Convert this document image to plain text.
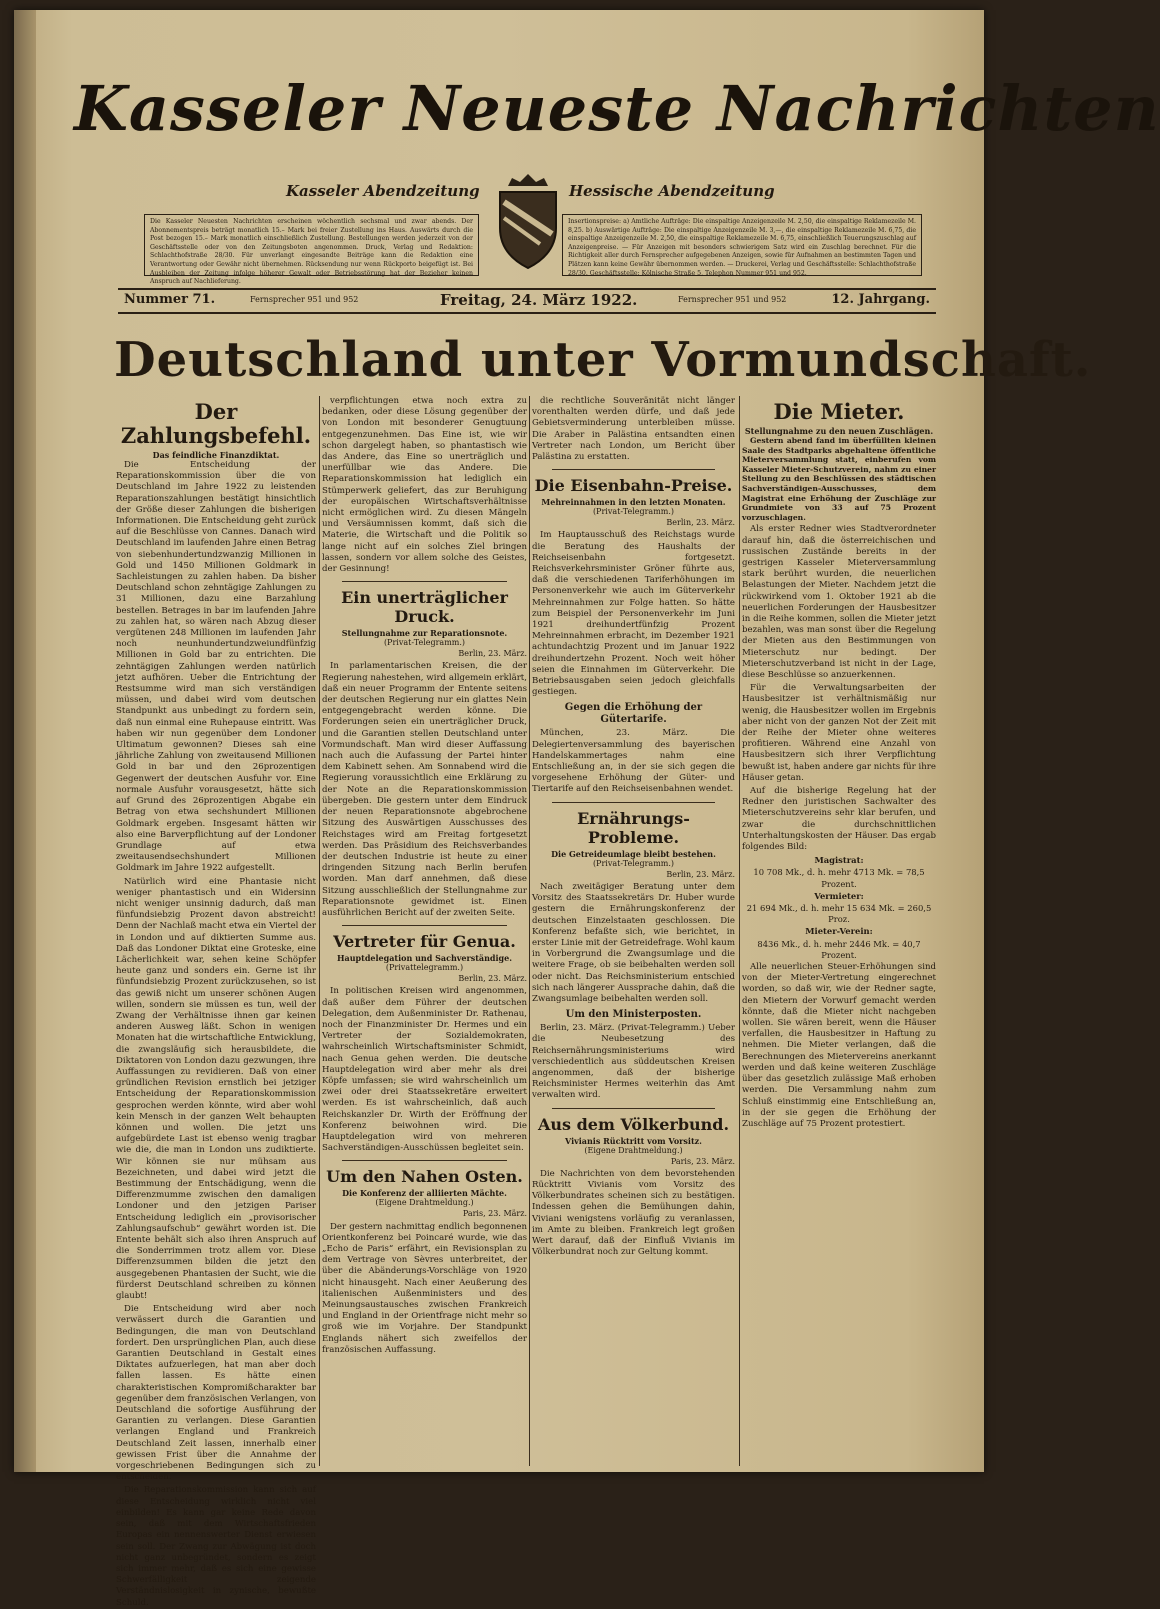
Kasseler Neueste Nachrichten
Kasseler Abendzeitung	Hessische Abendzeitung
Die Kasseler Neuesten Nachrichten erscheinen wöchentlich sechsmal und zwar abends. Der Abonnementspreis beträgt monatlich 15.– Mark bei freier Zustellung ins Haus. Auswärts durch die Post bezogen 15.– Mark monatlich einschließlich Zustellung. Bestellungen werden jederzeit von der Geschäftsstelle oder von den Zeitungsboten angenommen. Druck, Verlag und Redaktion: Schlachthofstraße 28/30. Für unverlangt eingesandte Beiträge kann die Redaktion eine Verantwortung oder Gewähr nicht übernehmen. Rücksendung nur wenn Rückporto beigefügt ist. Bei Ausbleiben der Zeitung infolge höherer Gewalt oder Betriebsstörung hat der Bezieher keinen Anspruch auf Nachlieferung.
Insertionspreise: a) Amtliche Aufträge: Die einspaltige Anzeigenzeile M. 2,50, die einspaltige Reklamezeile M. 8,25. b) Auswärtige Aufträge: Die einspaltige Anzeigenzeile M. 3,—, die einspaltige Reklamezeile M. 6,75, die einspaltige Anzeigenzeile M. 2,50, die einspaltige Reklamezeile M. 6,75, einschließlich Teuerungszuschlag auf Anzeigenpreise. — Für Anzeigen mit besonders schwierigem Satz wird ein Zuschlag berechnet. Für die Richtigkeit aller durch Fernsprecher aufgegebenen Anzeigen, sowie für Aufnahmen an bestimmten Tagen und Plätzen kann keine Gewähr übernommen werden. — Druckerei, Verlag und Geschäftsstelle: Schlachthofstraße 28/30. Geschäftsstelle: Kölnische Straße 5, Telephon Nummer 951 und 952.
Nummer 71.	Fernsprecher 951 und 952	Freitag, 24. März 1922.	Fernsprecher 951 und 952	12. Jahrgang.
Deutschland unter Vormundschaft.
Der Zahlungsbefehl.
Das feindliche Finanzdiktat.

Die Entscheidung der Reparationskommission über die von Deutschland im Jahre 1922 zu leistenden Reparationszahlungen bestätigt hinsichtlich der Größe dieser Zahlungen die bisherigen Informationen. Die Entscheidung geht zurück auf die Beschlüsse von Cannes. Danach wird Deutschland im laufenden Jahre einen Betrag von siebenhundertundzwanzig Millionen in Gold und 1450 Millionen Goldmark in Sachleistungen zu zahlen haben. Da bisher Deutschland schon zehntägige Zahlungen zu 31 Millionen, dazu eine Barzahlung bestellen. Betrages in bar im laufenden Jahre zu zahlen hat, so wären nach Abzug dieser vergütenen 248 Millionen im laufenden Jahr noch neunhundertundzweiundfünfzig Millionen in Gold bar zu entrichten. Die zehntägigen Zahlungen werden natürlich jetzt aufhören. Ueber die Entrichtung der Restsumme wird man sich verständigen müssen, und dabei wird vom deutschen Standpunkt aus unbedingt zu fordern sein, daß nun einmal eine Ruhepause eintritt. Was haben wir nun gegenüber dem Londoner Ultimatum gewonnen? Dieses sah eine jährliche Zahlung von zweitausend Millionen Gold in bar und den 26prozentigen Gegenwert der deutschen Ausfuhr vor. Eine normale Ausfuhr vorausgesetzt, hätte sich auf Grund des 26prozentigen Abgabe ein Betrag von etwa sechshundert Millionen Goldmark ergeben. Insgesamt hätten wir also eine Barverpflichtung auf der Londoner Grundlage auf etwa zweitausendsechshundert Millionen Goldmark im Jahre 1922 aufgestellt.

Natürlich wird eine Phantasie nicht weniger phantastisch und ein Widersinn nicht weniger unsinnig dadurch, daß man fünfundsiebzig Prozent davon abstreicht! Denn der Nachlaß macht etwa ein Viertel der in London und auf diktierten Summe aus. Daß das Londoner Diktat eine Groteske, eine Lächerlichkeit war, sehen keine Schöpfer heute ganz und sonders ein. Gerne ist ihr fünfundsiebzig Prozent zurückzusehen, so ist das gewiß nicht um unserer schönen Augen willen, sondern sie müssen es tun, weil der Zwang der Verhältnisse ihnen gar keinen anderen Ausweg läßt. Schon in wenigen Monaten hat die wirtschaftliche Entwicklung, die zwangsläufig sich herausbildete, die Diktatoren von London dazu gezwungen, ihre Auffassungen zu revidieren. Daß von einer gründlichen Revision ernstlich bei jetziger Entscheidung der Reparationskommission gesprochen werden könnte, wird aber wohl kein Mensch in der ganzen Welt behaupten können und wollen. Die jetzt uns aufgebürdete Last ist ebenso wenig tragbar wie die, die man in London uns zudiktierte. Wir können sie nur mühsam aus Bezeichneten, und dabei wird jetzt die Bestimmung der Entschädigung, wenn die Differenzmumme zwischen den damaligen Londoner und den jetzigen Pariser Entscheidung lediglich ein „provisorischer Zahlungsaufschub“ gewährt worden ist. Die Entente behält sich also ihren Anspruch auf die Sonderrimmen trotz allem vor. Diese Differenzsummen bilden die jetzt den ausgegebenen Phantasien der Sucht, wie die fürderst Deutschland schreiben zu können glaubt!

Die Entscheidung wird aber noch verwässert durch die Garantien und Bedingungen, die man von Deutschland fordert. Den ursprünglichen Plan, auch diese Garantien Deutschland in Gestalt eines Diktates aufzuerlegen, hat man aber doch fallen lassen. Es hätte einen charakteristischen Kompromißcharakter bar gegenüber dem französischen Verlangen, von Deutschland die sofortige Ausführung der Garantien zu verlangen. Diese Garantien verlangen England und Frankreich Deutschland Zeit lassen, innerhalb einer gewissen Frist über die Annahme der vorgeschriebenen Bedingungen sich zu entscheiden.

Die Reparationskommission kann sich auf diese Entscheidung wirklich nicht viel einbilden! Es kann gar keine Rede davon sein, daß mit dem Wirtschaftsfrieden Europas ein nennenswerter Dienst erwiesen sein soll. Der Zwang zur Abwägung ist doch nicht ganz unbegründet, sondern es zeigt sich immer mehr, daß es sich eine gewisse Schwerfälligkeit zeigende Verständnislosigkeit in zynische, bewußte Schuld.

verpflichtungen etwa noch extra zu bedanken, oder diese Lösung gegenüber der von London mit besonderer Genugtuung entgegenzunehmen. Das Eine ist, wie wir schon dargelegt haben, so phantastisch wie das Andere, das Eine so unerträglich und unerfüllbar wie das Andere. Die Reparationskommission hat lediglich ein Stümperwerk geliefert, das zur Beruhigung der europäischen Wirtschaftsverhältnisse nicht ermöglichen wird. Zu diesen Mängeln und Versäumnissen kommt, daß sich die Materie, die Wirtschaft und die Politik so lange nicht auf ein solches Ziel bringen lassen, sondern vor allem solche des Geistes, der Gesinnung!

Ein unerträglicher Druck.
Stellungnahme zur Reparationsnote.
(Privat-Telegramm.)
Berlin, 23. März.

In parlamentarischen Kreisen, die der Regierung nahestehen, wird allgemein erklärt, daß ein neuer Programm der Entente seitens der deutschen Regierung nur ein glattes Nein entgegengebracht werden könne. Die Forderungen seien ein unerträglicher Druck, und die Garantien stellen Deutschland unter Vormundschaft. Man wird dieser Auffassung nach auch die Aufassung der Partei hinter dem Kabinett sehen. Am Sonnabend wird die Regierung voraussichtlich eine Erklärung zu der Note an die Reparationskommission übergeben. Die gestern unter dem Eindruck der neuen Reparationsnote abgebrochene Sitzung des Auswärtigen Ausschusses des Reichstages wird am Freitag fortgesetzt werden. Das Präsidium des Reichsverbandes der deutschen Industrie ist heute zu einer dringenden Sitzung nach Berlin berufen worden. Man darf annehmen, daß diese Sitzung ausschließlich der Stellungnahme zur Reparationsnote gewidmet ist. Einen ausführlichen Bericht auf der zweiten Seite.

Vertreter für Genua.
Hauptdelegation und Sachverständige.
(Privattelegramm.)
Berlin, 23. März.

In politischen Kreisen wird angenommen, daß außer dem Führer der deutschen Delegation, dem Außenminister Dr. Rathenau, noch der Finanzminister Dr. Hermes und ein Vertreter der Sozialdemokraten, wahrscheinlich Wirtschaftsminister Schmidt, nach Genua gehen werden. Die deutsche Hauptdelegation wird aber mehr als drei Köpfe umfassen; sie wird wahrscheinlich um zwei oder drei Staatssekretäre erweitert werden. Es ist wahrscheinlich, daß auch Reichskanzler Dr. Wirth der Eröffnung der Konferenz beiwohnen wird. Die Hauptdelegation wird von mehreren Sachverständigen-Ausschüssen begleitet sein.

Um den Nahen Osten.
Die Konferenz der alliierten Mächte.
(Eigene Drahtmeldung.)
Paris, 23. März.

Der gestern nachmittag endlich begonnenen Orientkonferenz bei Poincaré wurde, wie das „Echo de Paris“ erfährt, ein Revisionsplan zu dem Vertrage von Sèvres unterbreitet, der über die Abänderungs-Vorschläge von 1920 nicht hinausgeht. Nach einer Aeußerung des italienischen Außenministers und des Meinungsaustausches zwischen Frankreich und England in der Orientfrage nicht mehr so groß wie im Vorjahre. Der Standpunkt Englands nähert sich zweifellos der französischen Auffassung.

die rechtliche Souveränität nicht länger vorenthalten werden dürfe, und daß jede Gebietsverminderung unterbleiben müsse. Die Araber in Palästina entsandten einen Vertreter nach London, um Bericht über Palästina zu erstatten.

Die Eisenbahn-Preise.
Mehreinnahmen in den letzten Monaten.
(Privat-Telegramm.)
Berlin, 23. März.

Im Hauptausschuß des Reichstags wurde die Beratung des Haushalts der Reichseisenbahn fortgesetzt. Reichsverkehrsminister Gröner führte aus, daß die verschiedenen Tariferhöhungen im Personenverkehr wie auch im Güterverkehr Mehreinnahmen zur Folge hatten. So hätte zum Beispiel der Personenverkehr im Juni 1921 dreihundertfünfzig Prozent Mehreinnahmen erbracht, im Dezember 1921 achtundachtzig Prozent und im Januar 1922 dreihundertzehn Prozent. Noch weit höher seien die Einnahmen im Güterverkehr. Die Betriebsausgaben seien jedoch gleichfalls gestiegen.

Gegen die Erhöhung der Gütertarife.

München, 23. März. Die Delegiertenversammlung des bayerischen Handelskammertages nahm eine Entschließung an, in der sie sich gegen die vorgesehene Erhöhung der Güter- und Tiertarife auf den Reichseisenbahnen wendet.

Ernährungs-Probleme.
Die Getreideumlage bleibt bestehen.
(Privat-Telegramm.)
Berlin, 23. März.

Nach zweitägiger Beratung unter dem Vorsitz des Staatssekretärs Dr. Huber wurde gestern die Ernährungskonferenz der deutschen Einzelstaaten geschlossen. Die Konferenz befaßte sich, wie berichtet, in erster Linie mit der Getreidefrage. Wohl kaum in Vorbergrund die Zwangsumlage und die weitere Frage, ob sie beibehalten werden soll oder nicht. Das Reichsministerium entschied sich nach längerer Aussprache dahin, daß die Zwangsumlage beibehalten werden soll.

Um den Ministerposten.

Berlin, 23. März. (Privat-Telegramm.) Ueber die Neubesetzung des Reichsernährungsministeriums wird verschiedentlich aus süddeutschen Kreisen angenommen, daß der bisherige Reichsminister Hermes weiterhin das Amt verwalten wird.

Aus dem Völkerbund.
Vivianis Rücktritt vom Vorsitz.
(Eigene Drahtmeldung.)
Paris, 23. März.

Die Nachrichten von dem bevorstehenden Rücktritt Vivianis vom Vorsitz des Völkerbundrates scheinen sich zu bestätigen. Indessen gehen die Bemühungen dahin, Viviani wenigstens vorläufig zu veranlassen, im Amte zu bleiben. Frankreich legt großen Wert darauf, daß der Einfluß Vivianis im Völkerbundrat noch zur Geltung kommt.

Die Mieter.
Stellungnahme zu den neuen Zuschlägen.

Gestern abend fand im überfüllten kleinen Saale des Stadtparks abgehaltene öffentliche Mieterversammlung statt, einberufen vom Kasseler Mieter-Schutzverein, nahm zu einer Stellung zu den Beschlüssen des städtischen Sachverständigen-Ausschusses, dem Magistrat eine Erhöhung der Zuschläge zur Grundmiete von 33 auf 75 Prozent vorzuschlagen.

Als erster Redner wies Stadtverordneter darauf hin, daß die österreichischen und russischen Zustände bereits in der gestrigen Kasseler Mieterversammlung stark berührt wurden, die neuerlichen Belastungen der Mieter. Nachdem jetzt die rückwirkend vom 1. Oktober 1921 ab die neuerlichen Forderungen der Hausbesitzer in die Reihe kommen, sollen die Mieter jetzt bezahlen, was man sonst über die Regelung der Mieten aus den Bestimmungen von Mieterschutz nur bedingt. Der Mieterschutzverband ist nicht in der Lage, diese Beschlüsse so anzuerkennen.

Für die Verwaltungsarbeiten der Hausbesitzer ist verhältnismäßig nur wenig, die Hausbesitzer wollen im Ergebnis aber nicht von der ganzen Not der Zeit mit der Reihe der Mieter ohne weiteres profitieren. Während eine Anzahl von Hausbesitzern sich ihrer Verpflichtung bewußt ist, haben andere gar nichts für ihre Häuser getan.

Auf die bisherige Regelung hat der Redner den juristischen Sachwalter des Mieterschutzvereins sehr klar berufen, und zwar die durchschnittlichen Unterhaltungskosten der Häuser. Das ergab folgendes Bild:

Magistrat:
10 708 Mk., d. h. mehr 4713 Mk. = 78,5 Prozent.
Vermieter:
21 694 Mk., d. h. mehr 15 634 Mk. = 260,5 Proz.
Mieter-Verein:
8436 Mk., d. h. mehr 2446 Mk. = 40,7 Prozent.

Alle neuerlichen Steuer-Erhöhungen sind von der Mieter-Vertretung eingerechnet worden, so daß wir, wie der Redner sagte, den Mietern der Vorwurf gemacht werden könnte, daß die Mieter nicht nachgeben wollen. Sie wären bereit, wenn die Häuser verfallen, die Hausbesitzer in Haftung zu nehmen. Die Mieter verlangen, daß die Berechnungen des Mietervereins anerkannt werden und daß keine weiteren Zuschläge über das gesetzlich zulässige Maß erhoben werden. Die Versammlung nahm zum Schluß einstimmig eine Entschließung an, in der sie gegen die Erhöhung der Zuschläge auf 75 Prozent protestiert.
